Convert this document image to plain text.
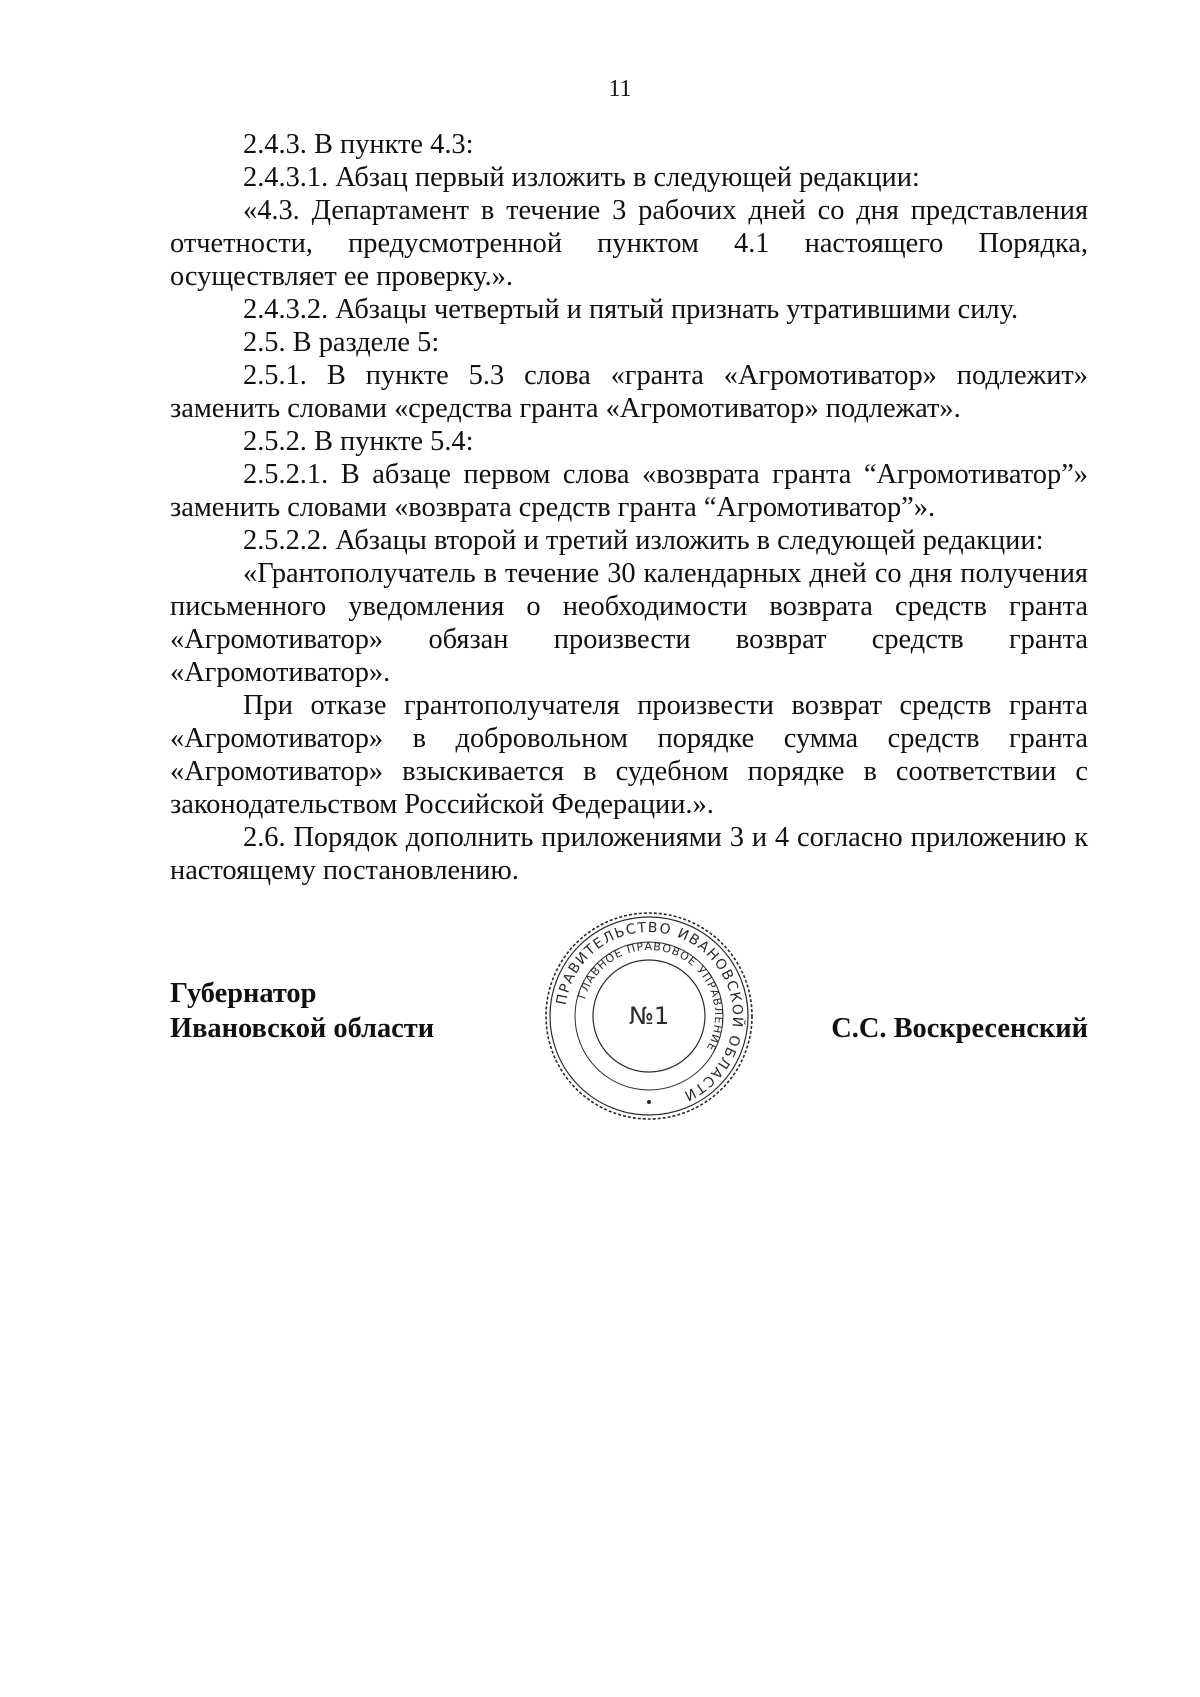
11

2.4.3. В пункте 4.3:

2.4.3.1. Абзац первый изложить в следующей редакции:

«4.3. Департамент в течение 3 рабочих дней со дня представления отчетности, предусмотренной пунктом 4.1 настоящего Порядка, осуществляет ее проверку.».

2.4.3.2. Абзацы четвертый и пятый признать утратившими силу.

2.5. В разделе 5:

2.5.1. В пункте 5.3 слова «гранта «Агромотиватор» подлежит» заменить словами «средства гранта «Агромотиватор» подлежат».

2.5.2. В пункте 5.4:

2.5.2.1. В абзаце первом слова «возврата гранта “Агромотиватор”» заменить словами «возврата средств гранта “Агромотиватор”».

2.5.2.2. Абзацы второй и третий изложить в следующей редакции:

«Грантополучатель в течение 30 календарных дней со дня получения письменного уведомления о необходимости возврата средств гранта «Агромотиватор» обязан произвести возврат средств гранта «Агромотиватор».

При отказе грантополучателя произвести возврат средств гранта «Агромотиватор» в добровольном порядке сумма средств гранта «Агромотиватор» взыскивается в судебном порядке в соответствии с законодательством Российской Федерации.».

2.6. Порядок дополнить приложениями 3 и 4 согласно приложению к настоящему постановлению.

Губернатор
Ивановской области
ПРАВИТЕЛЬСТВО ИВАНОВСКОЙ ОБЛАСТИ
ГЛАВНОЕ ПРАВОВОЕ УПРАВЛЕНИЕ
№1	С.С. Воскресенский
